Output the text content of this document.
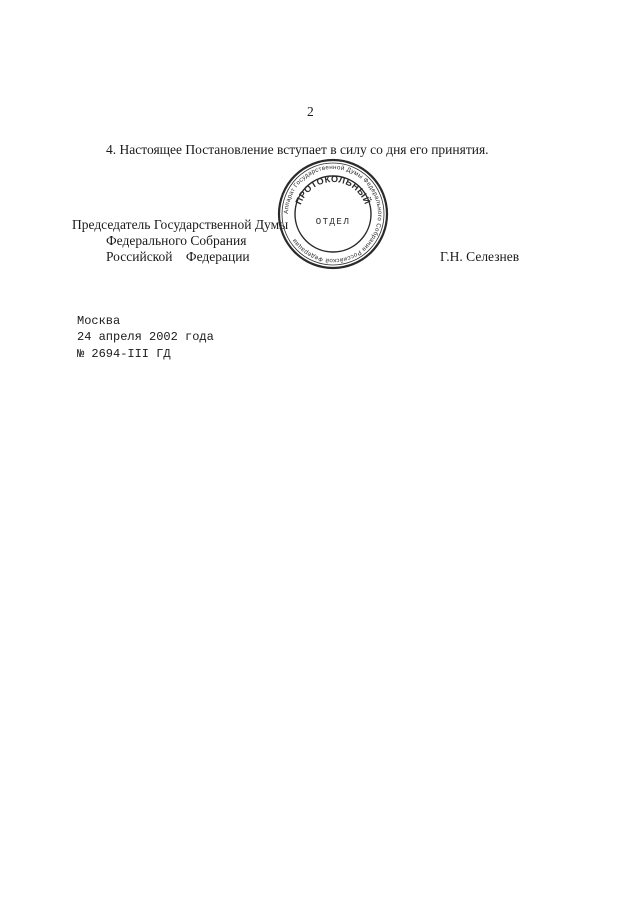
2
4. Настоящее Постановление вступает в силу со дня его принятия.
Председатель Государственной Думы
Федерального Собрания
Российской Федерации	Г.Н. Селезнев
Аппарат Государственной Думы Федерального Собрания Российской Федерации
ПРОТОКОЛЬНЫЙ
ОТДЕЛ
Москва
24 апреля 2002 года
№ 2694-III ГД
